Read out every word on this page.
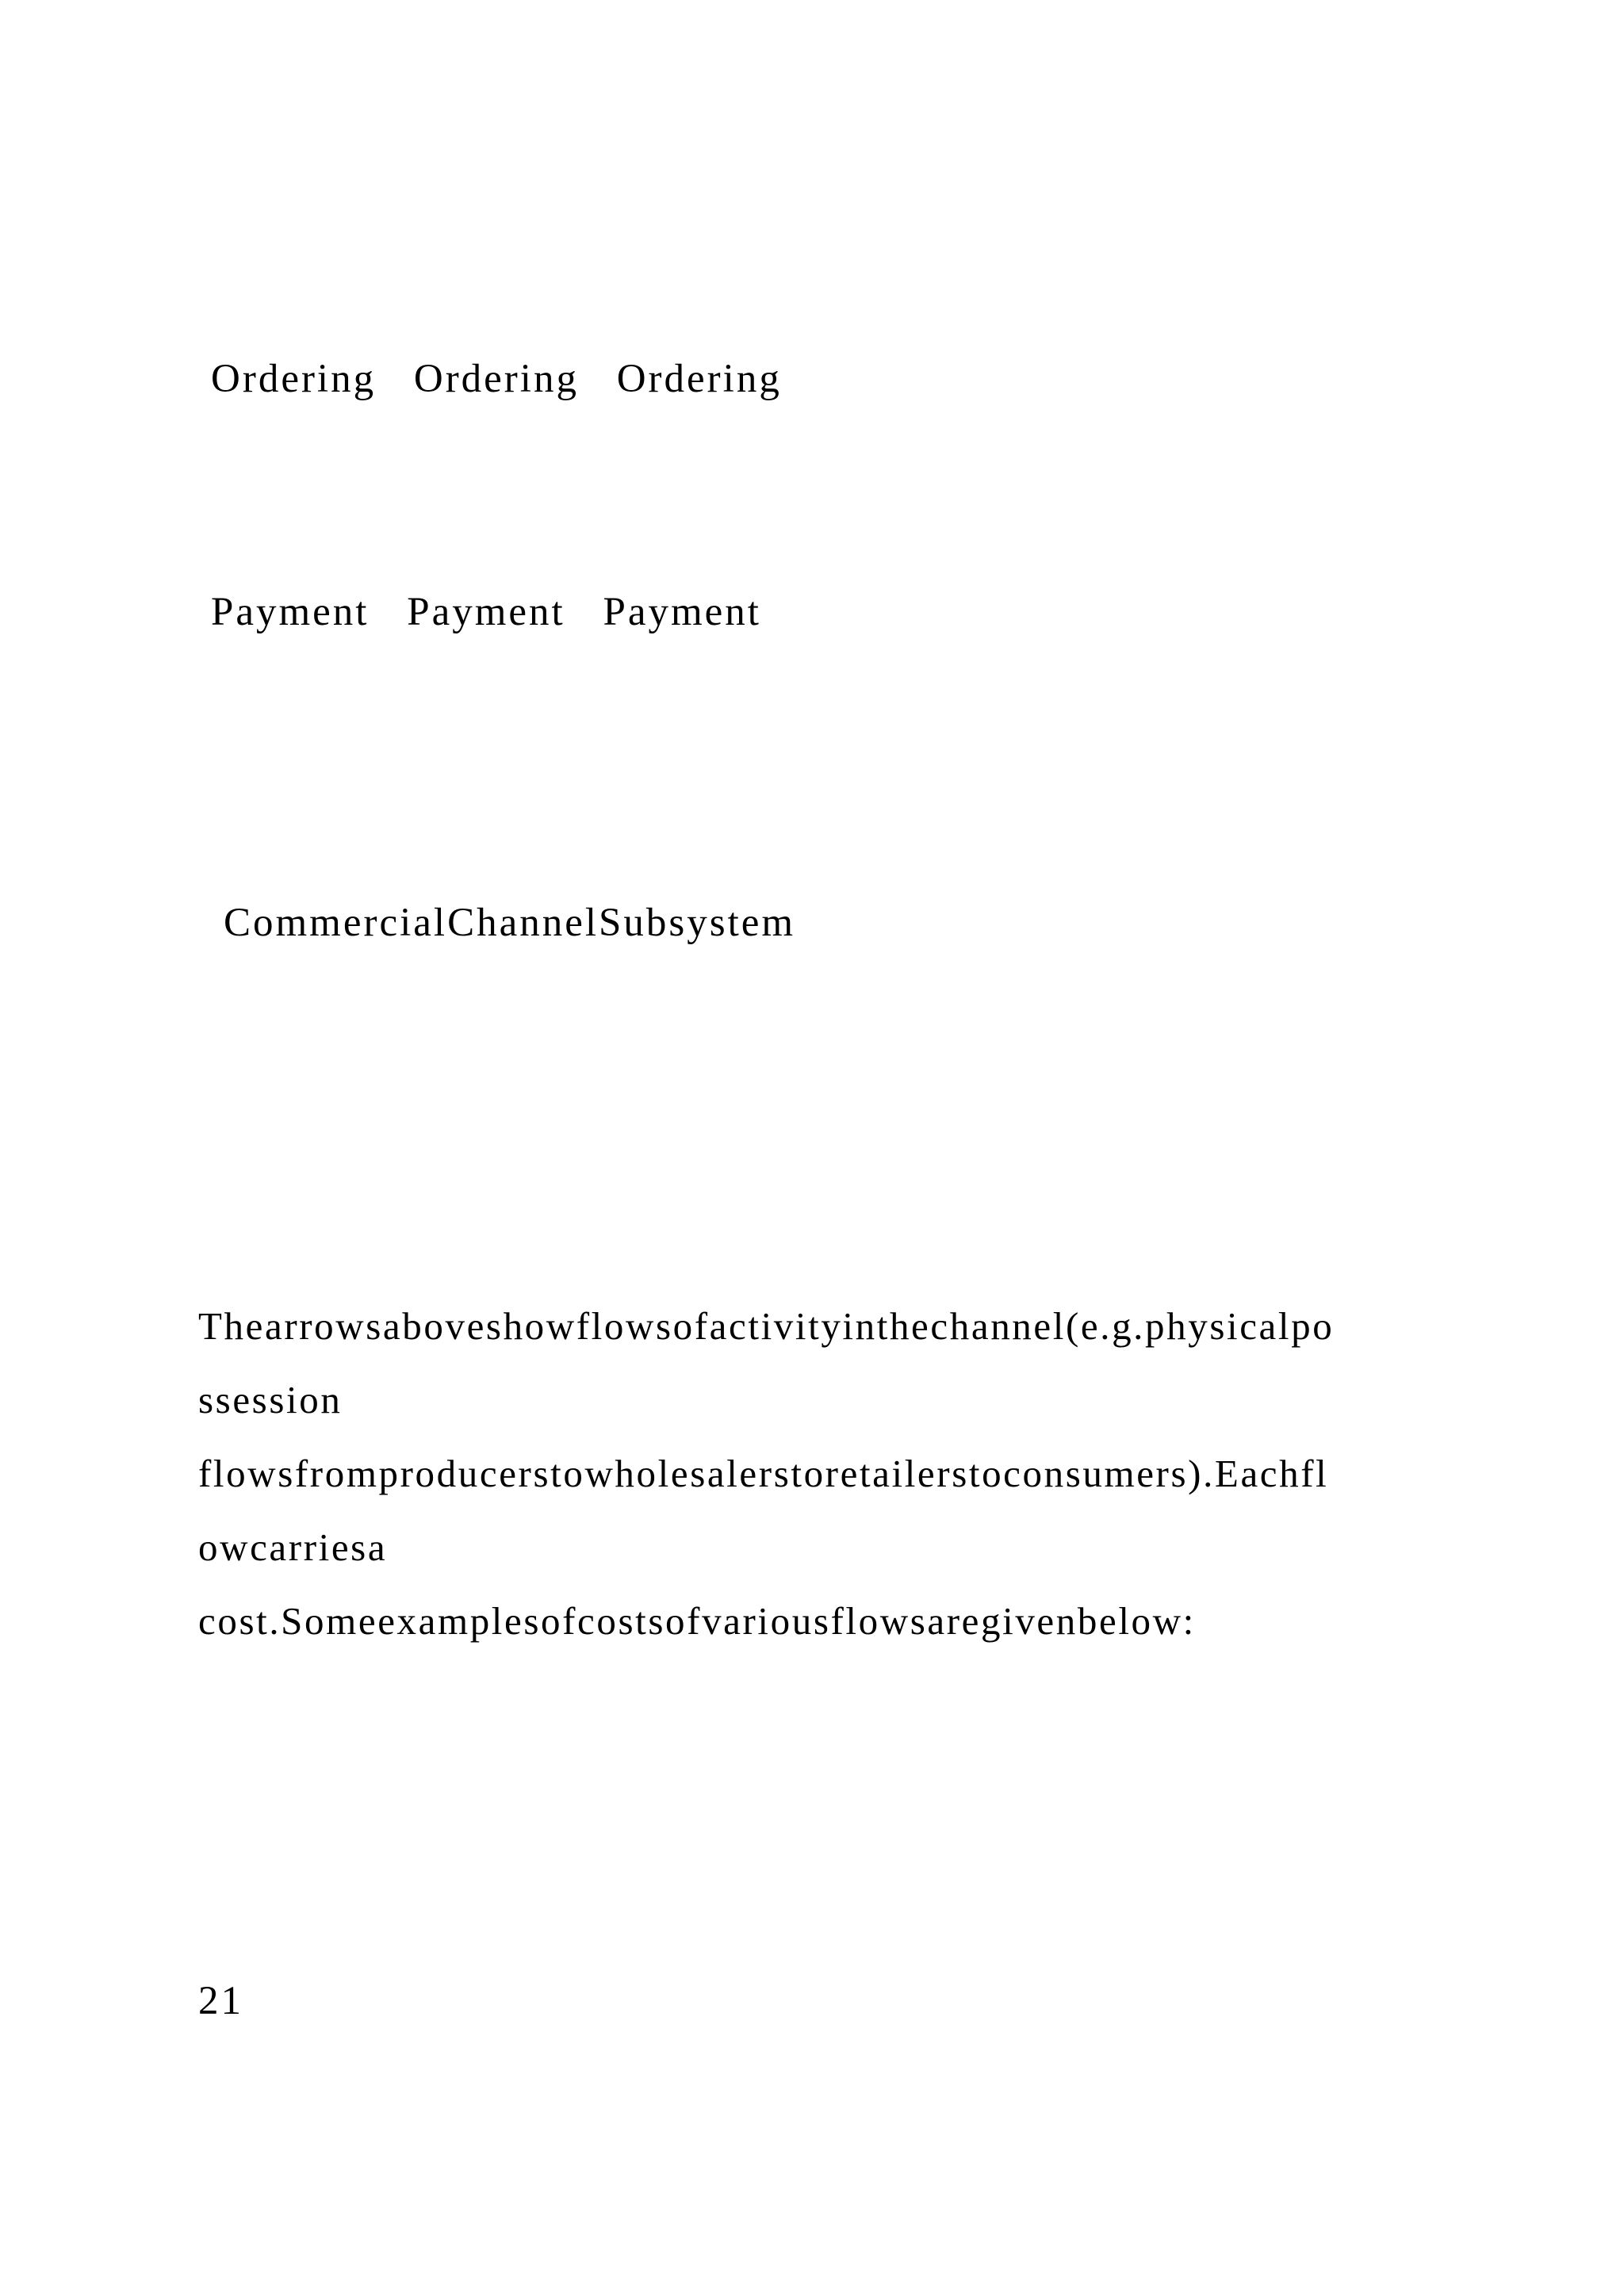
Ordering Ordering Ordering
Payment Payment Payment
CommercialChannelSubsystem
Thearrowsaboveshowflowsofactivityinthechannel(e.g.physicalpo
ssession
flowsfromproducerstowholesalerstoretailerstoconsumers).Eachfl
owcarriesa
cost.Someexamplesofcostsofvariousflowsaregivenbelow:
21
